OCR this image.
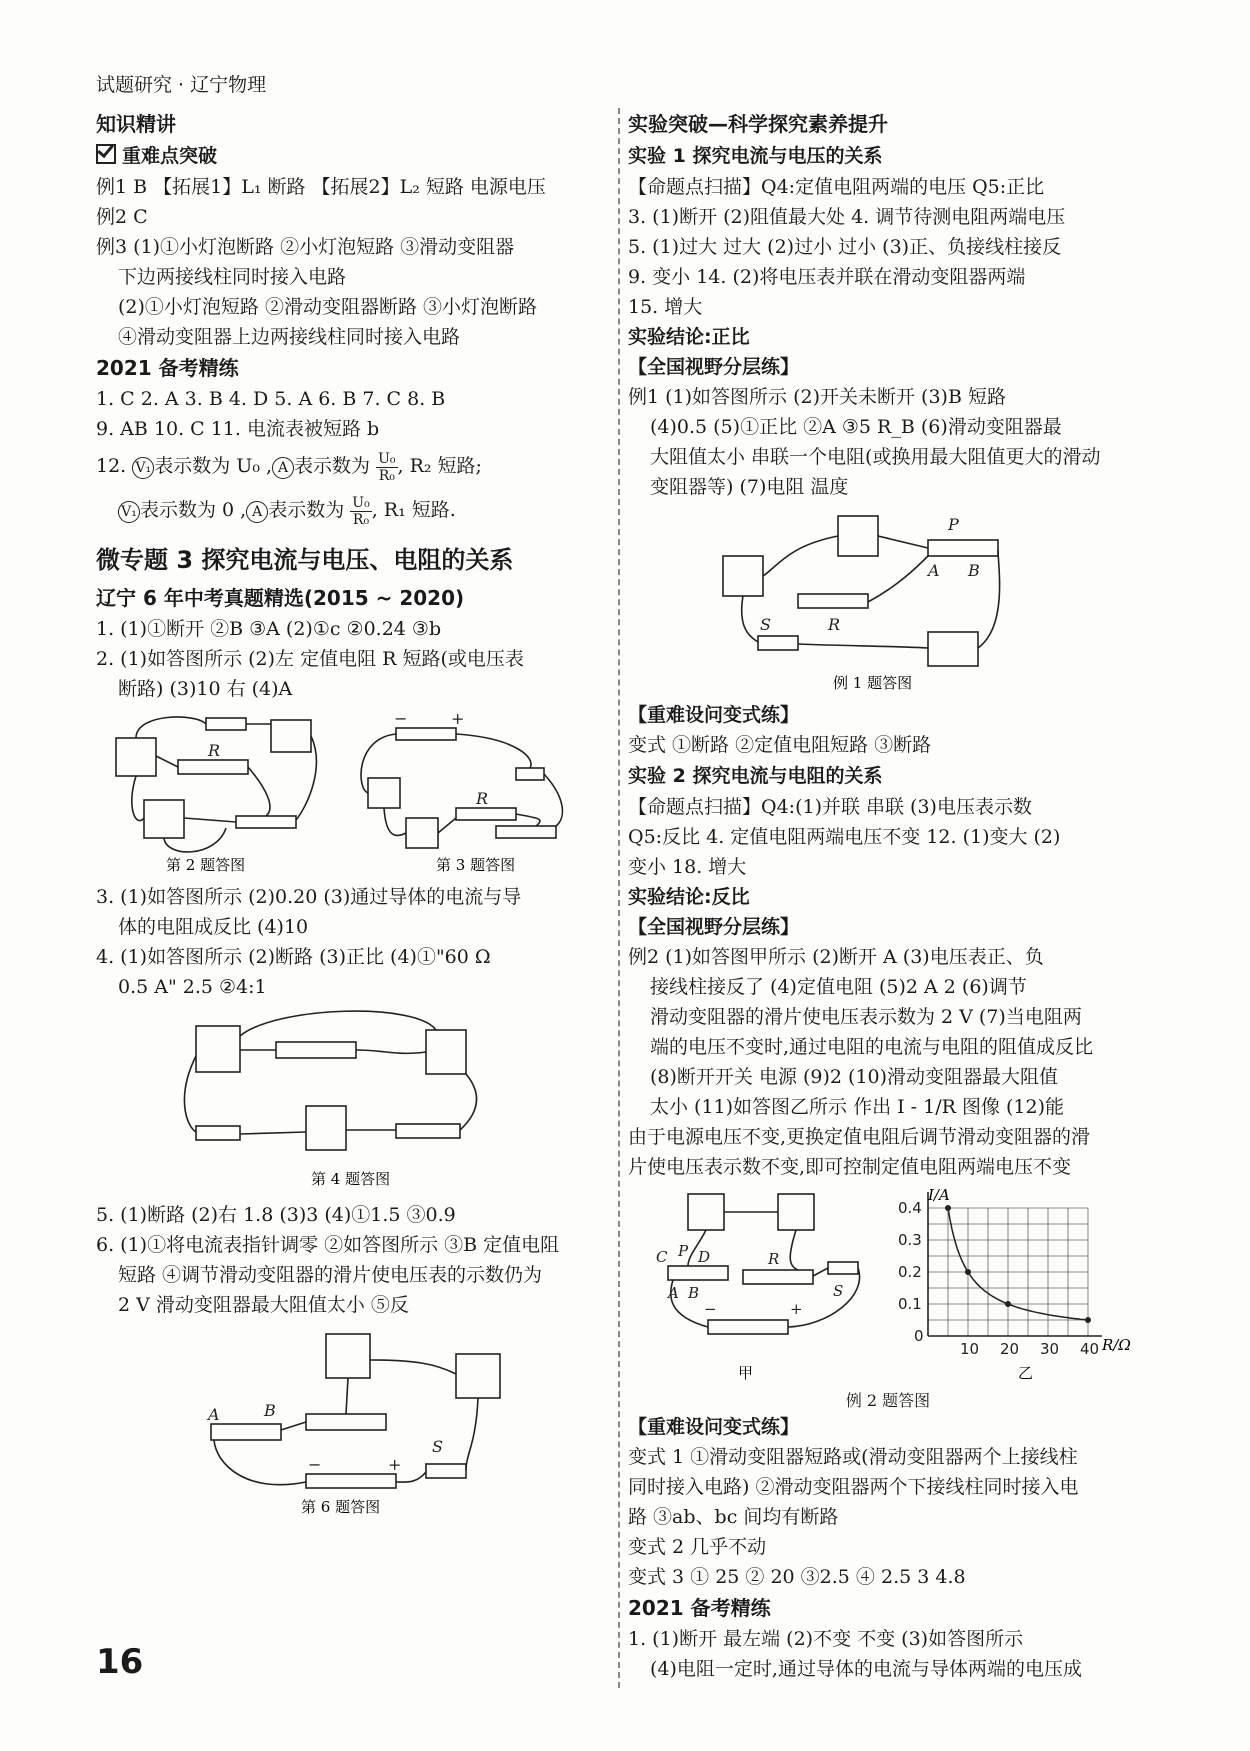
试题研究 · 辽宁物理
知识精讲
重难点突破
例1 B 【拓展1】L₁ 断路 【拓展2】L₂ 短路 电源电压
例2 C
例3 (1)①小灯泡断路 ②小灯泡短路 ③滑动变阻器
下边两接线柱同时接入电路
(2)①小灯泡短路 ②滑动变阻器断路 ③小灯泡断路
④滑动变阻器上边两接线柱同时接入电路
2021 备考精练
1. C 2. A 3. B 4. D 5. A 6. B 7. C 8. B
9. AB 10. C 11. 电流表被短路 b
12. V₁ 表示数为 U₀ , A 表示数为 $\frac{\text{U₀}}{\text{R₀}}$, R₂ 短路;
V₁ 表示数为 0 , A 表示数为 $\frac{\text{U₀}}{\text{R₀}}$, R₁ 短路.
微专题 3 探究电流与电压、电阻的关系
辽宁 6 年中考真题精选(2015 ~ 2020)
1. (1)①断开 ②B ③A (2)①c ②0.24 ③b
2. (1)如答图所示 (2)左 定值电阻 R 短路(或电压表
断路) (3)10 右 (4)A
R
R
−	+
第 2 题答图	第 3 题答图
3. (1)如答图所示 (2)0.20 (3)通过导体的电流与导
体的电阻成反比 (4)10
4. (1)如答图所示 (2)断路 (3)正比 (4)①"60 Ω
0.5 A" 2.5 ②4:1
第 4 题答图
5. (1)断路 (2)右 1.8 (3)3 (4)①1.5 ③0.9
6. (1)①将电流表指针调零 ②如答图所示 ③B 定值电阻
短路 ④调节滑动变阻器的滑片使电压表的示数仍为
2 V 滑动变阻器最大阻值太小 ⑤反
A	B
S
−	+
第 6 题答图
实验突破—科学探究素养提升
实验 1 探究电流与电压的关系
【命题点扫描】Q4:定值电阻两端的电压 Q5:正比
3. (1)断开 (2)阻值最大处 4. 调节待测电阻两端电压
5. (1)过大 过大 (2)过小 过小 (3)正、负接线柱接反
9. 变小 14. (2)将电压表并联在滑动变阻器两端
15. 增大
实验结论:正比
【全国视野分层练】
例1 (1)如答图所示 (2)开关未断开 (3)B 短路
(4)0.5 (5)①正比 ②A ③5 R_B (6)滑动变阻器最
大阻值太小 串联一个电阻(或换用最大阻值更大的滑动
变阻器等) (7)电阻 温度
P
A B
R
S
例 1 题答图
【重难设问变式练】
变式 ①断路 ②定值电阻短路 ③断路
实验 2 探究电流与电阻的关系
【命题点扫描】Q4:(1)并联 串联 (3)电压表示数
Q5:反比 4. 定值电阻两端电压不变 12. (1)变大 (2)
变小 18. 增大
实验结论:反比
【全国视野分层练】
例2 (1)如答图甲所示 (2)断开 A (3)电压表正、负
接线柱接反了 (4)定值电阻 (5)2 A 2 (6)调节
滑动变阻器的滑片使电压表示数为 2 V (7)当电阻两
端的电压不变时,通过电阻的电流与电阻的阻值成反比
(8)断开开关 电源 (9)2 (10)滑动变阻器最大阻值
太小 (11)如答图乙所示 作出 I - 1/R 图像 (12)能
由于电源电压不变,更换定值电阻后调节滑动变阻器的滑
片使电压表示数不变,即可控制定值电阻两端电压不变
C P D
A B
R
S
−	+
甲
10 20 30 40
0.1
0.2
0.3
0.4
0
I/A
R/Ω
乙
例 2 题答图
【重难设问变式练】
变式 1 ①滑动变阻器短路或(滑动变阻器两个上接线柱
同时接入电路) ②滑动变阻器两个下接线柱同时接入电
路 ③ab、bc 间均有断路
变式 2 几乎不动
变式 3 ① 25 ② 20 ③2.5 ④ 2.5 3 4.8
2021 备考精练
1. (1)断开 最左端 (2)不变 不变 (3)如答图所示
(4)电阻一定时,通过导体的电流与导体两端的电压成
16
